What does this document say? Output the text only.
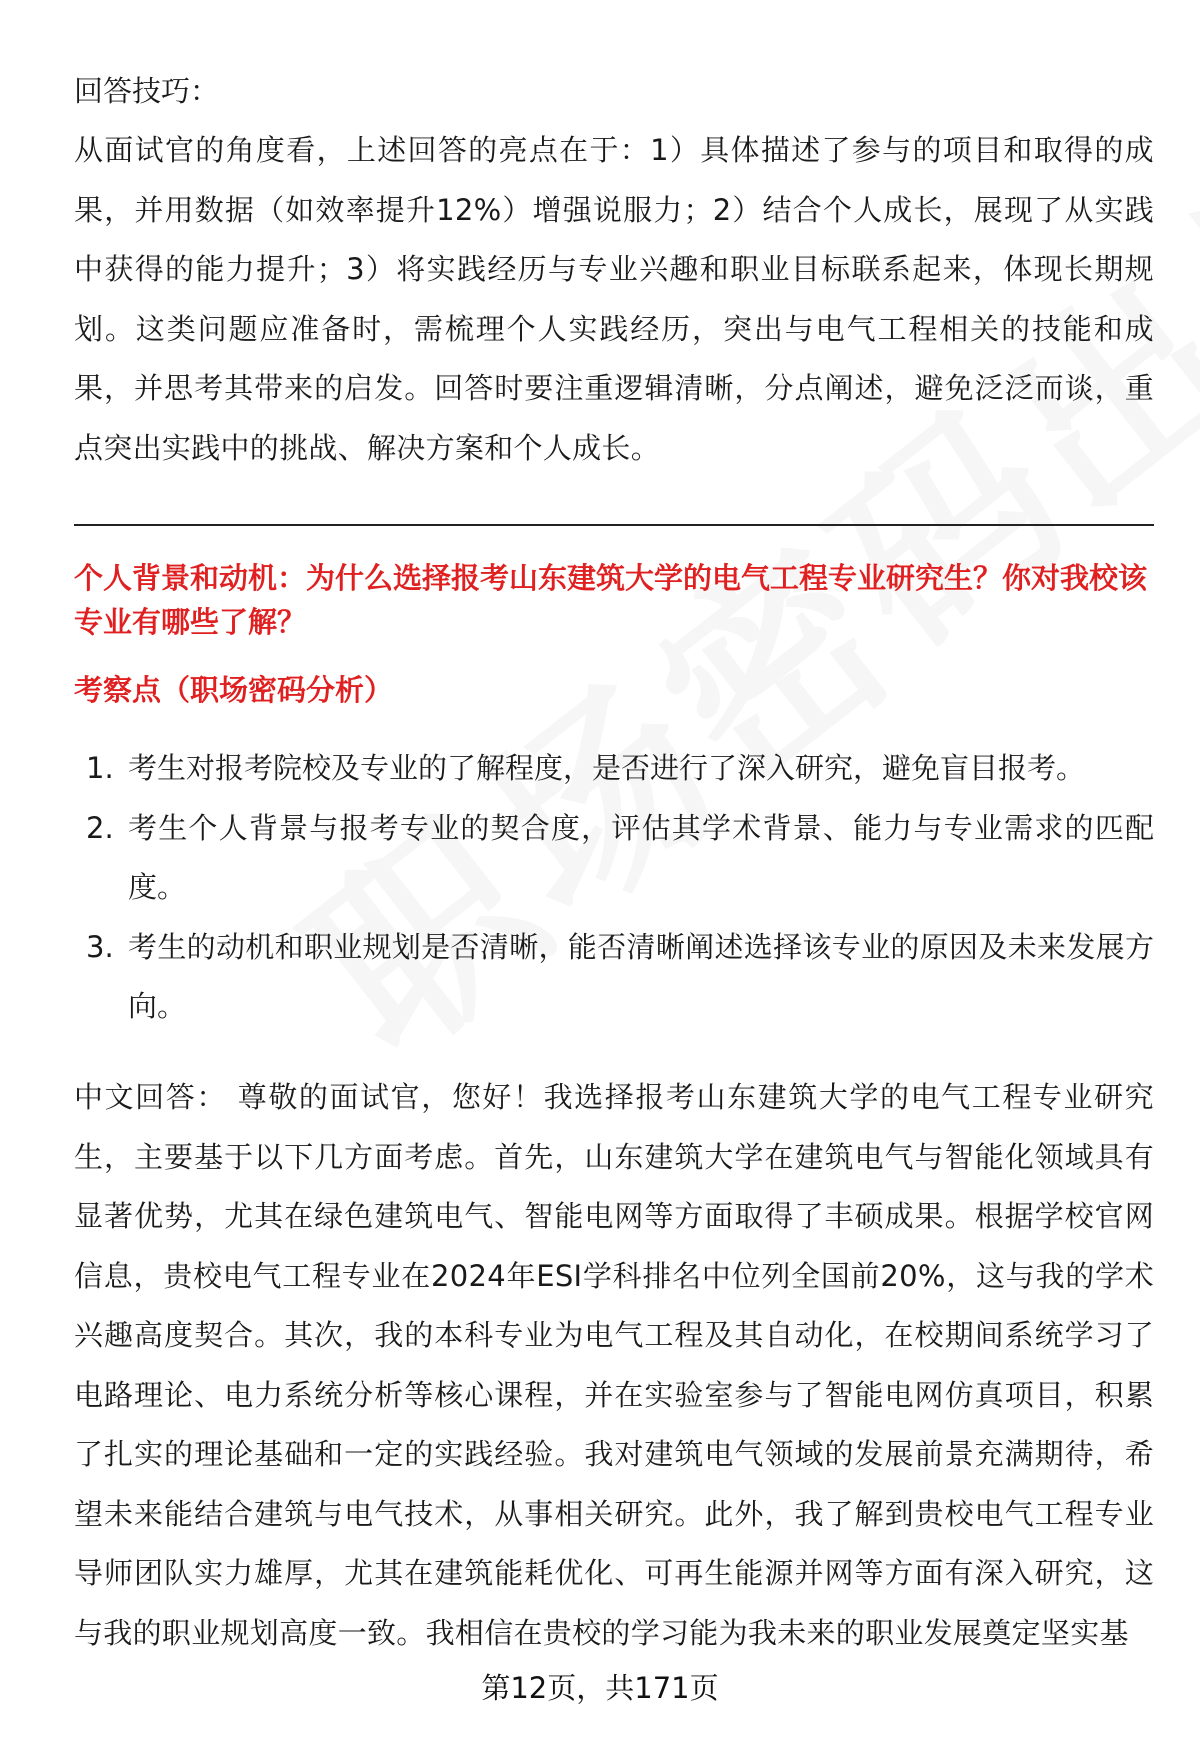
回答技巧：

从面试官的角度看，上述回答的亮点在于：1）具体描述了参与的项目和取得的成果，并用数据（如效率提升12%）增强说服力；2）结合个人成长，展现了从实践中获得的能力提升；3）将实践经历与专业兴趣和职业目标联系起来，体现长期规划。这类问题应准备时，需梳理个人实践经历，突出与电气工程相关的技能和成果，并思考其带来的启发。回答时要注重逻辑清晰，分点阐述，避免泛泛而谈，重点突出实践中的挑战、解决方案和个人成长。

个人背景和动机：为什么选择报考山东建筑大学的电气工程专业研究生？你对我校该专业有哪些了解？

考察点（职场密码分析）
1. 考生对报考院校及专业的了解程度，是否进行了深入研究，避免盲目报考。
2. 考生个人背景与报考专业的契合度，评估其学术背景、能力与专业需求的匹配度。
3. 考生的动机和职业规划是否清晰，能否清晰阐述选择该专业的原因及未来发展方向。

中文回答： 尊敬的面试官，您好！我选择报考山东建筑大学的电气工程专业研究生，主要基于以下几方面考虑。首先，山东建筑大学在建筑电气与智能化领域具有显著优势，尤其在绿色建筑电气、智能电网等方面取得了丰硕成果。根据学校官网信息，贵校电气工程专业在2024年ESI学科排名中位列全国前20%，这与我的学术兴趣高度契合。其次，我的本科专业为电气工程及其自动化，在校期间系统学习了电路理论、电力系统分析等核心课程，并在实验室参与了智能电网仿真项目，积累了扎实的理论基础和一定的实践经验。我对建筑电气领域的发展前景充满期待，希望未来能结合建筑与电气技术，从事相关研究。此外，我了解到贵校电气工程专业导师团队实力雄厚，尤其在建筑能耗优化、可再生能源并网等方面有深入研究，这与我的职业规划高度一致。我相信在贵校的学习能为我未来的职业发展奠定坚实基

第12页，共171页
